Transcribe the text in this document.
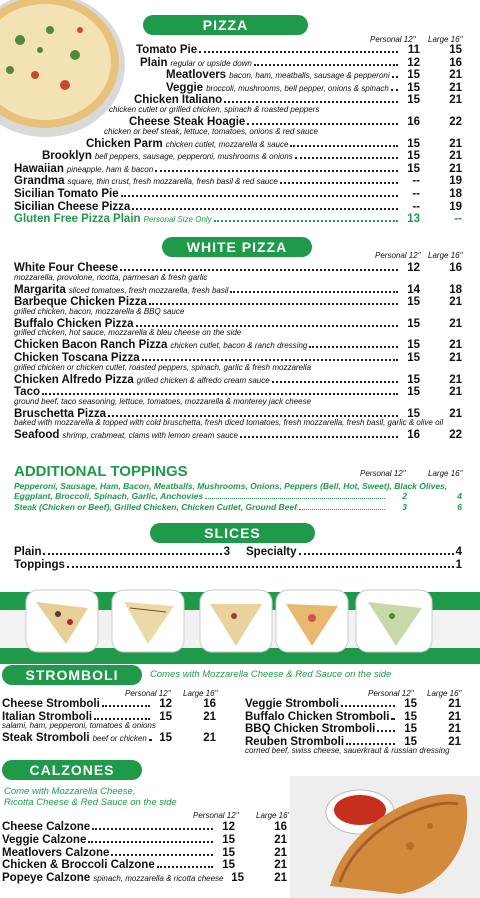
PIZZA
Personal 12" Large 16"
Tomato Pie	11	15
Plain regular or upside down	12	16
Meatlovers bacon, ham, meatballs, sausage & pepperoni	15	21
Veggie broccoli, mushrooms, bell pepper, onions & spinach	15	21
Chicken Italiano	15	21
chicken cutlet or grilled chicken, spinach & roasted peppers
Cheese Steak Hoagie	16	22
chicken or beef steak, lettuce, tomatoes, onions & red sauce
Chicken Parm chicken cutlet, mozzarella & sauce	15	21
Brooklyn bell peppers, sausage, pepperoni, mushrooms & onions	15	21
Hawaiian pineapple, ham & bacon	15	21
Grandma square, thin crust, fresh mozzarella, fresh basil & red sauce	--	19
Sicilian Tomato Pie	--	18
Sicilian Cheese Pizza	--	19
Gluten Free Pizza Plain Personal Size Only	13	--
WHITE PIZZA
Personal 12" Large 16"
White Four Cheese	12	16
mozzarella, provolone, ricotta, parmesan & fresh garlic
Margarita sliced tomatoes, fresh mozzarella, fresh basil	14	18
Barbeque Chicken Pizza	15	21
grilled chicken, bacon, mozzarella & BBQ sauce
Buffalo Chicken Pizza	15	21
grilled chicken, hot sauce, mozzarella & bleu cheese on the side
Chicken Bacon Ranch Pizza chicken cutlet, bacon & ranch dressing	15	21
Chicken Toscana Pizza	15	21
grilled chicken or chicken cutlet, roasted peppers, spinach, garlic & fresh mozzarella
Chicken Alfredo Pizza grilled chicken & alfredo cream sauce	15	21
Taco	15	21
ground beef, taco seasoning, lettuce, tomatoes, mozzarella & monterey jack cheese
Bruschetta Pizza	15	21
baked with mozzarella & topped with cold bruschetta, fresh diced tomatoes, fresh mozzarella, fresh basil, garlic & olive oil
Seafood shrimp, crabmeat, clams with lemon cream sauce	16	22
ADDITIONAL TOPPINGS	Personal 12"	Large 16"
Pepperoni, Sausage, Ham, Bacon, Meatballs, Mushrooms, Onions, Peppers (Bell, Hot, Sweet), Black Olives,
Eggplant, Broccoli, Spinach, Garlic, Anchovies	2	4
Steak (Chicken or Beef), Grilled Chicken, Chicken Cutlet, Ground Beef	3	6
SLICES
Plain	3 Specialty	4
Toppings	1
STROMBOLI	Comes with Mozzarella Cheese & Red Sauce on the side
Personal 12" Large 16"	Personal 12" Large 16"
Cheese Stromboli	12	16
Italian Stromboli	15	21
salami, ham, pepperoni, tomatoes & onions
Steak Stromboli beef or chicken	15	21
Veggie Stromboli	15	21
Buffalo Chicken Stromboli	15	21
BBQ Chicken Stromboli	15	21
Reuben Stromboli	15	21
corned beef, swiss cheese, sauerkraut & russian dressing
CALZONES
Come with Mozzarella Cheese,
Ricotta Cheese & Red Sauce on the side
Personal 12" Large 16"
Cheese Calzone	12	16
Veggie Calzone	15	21
Meatlovers Calzone	15	21
Chicken & Broccoli Calzone	15	21
Popeye Calzone spinach, mozzarella & ricotta cheese 15	21
